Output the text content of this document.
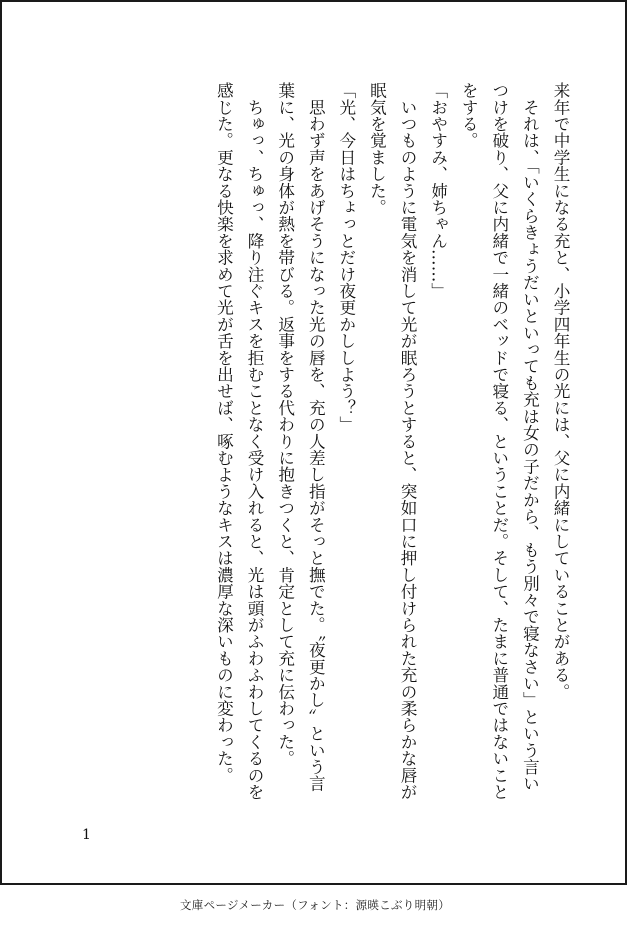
来年で中学生になる充と、小学四年生の光には、父に内緒にしていることがある。

　それは、「いくらきょうだいといっても充は女の子だから、もう別々で寝なさい」という言いつけを破り、父に内緒で一緒のベッドで寝る、ということだ。そして、たまに普通ではないことをする。

「おやすみ、姉ちゃん……」

　いつものように電気を消して光が眠ろうとすると、突如口に押し付けられた充の柔らかな唇が眠気を覚ました。

「光、今日はちょっとだけ夜更かししよう？」

　思わず声をあげそうになった光の唇を、充の人差し指がそっと撫でた。〝夜更かし〟という言葉に、光の身体が熱を帯びる。返事をする代わりに抱きつくと、肯定として充に伝わった。

　ちゅっ、ちゅっ、降り注ぐキスを拒むことなく受け入れると、光は頭がふわふわしてくるのを感じた。更なる快楽を求めて光が舌を出せば、啄むようなキスは濃厚な深いものに変わった。

1
文庫ページメーカー（フォント：源暎こぶり明朝）
